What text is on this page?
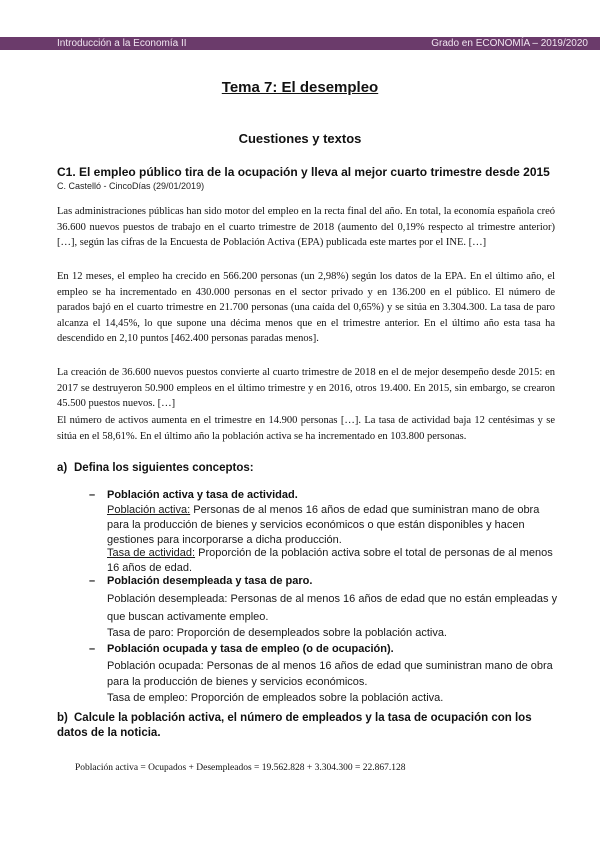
Introducción a la Economía II	Grado en ECONOMÍA – 2019/2020
Tema 7: El desempleo
Cuestiones y textos
C1. El empleo público tira de la ocupación y lleva al mejor cuarto trimestre desde 2015
C. Castelló - CincoDías (29/01/2019)

Las administraciones públicas han sido motor del empleo en la recta final del año. En total, la economía española creó 36.600 nuevos puestos de trabajo en el cuarto trimestre de 2018 (aumento del 0,19% respecto al trimestre anterior) […], según las cifras de la Encuesta de Población Activa (EPA) publicada este martes por el INE. […]

En 12 meses, el empleo ha crecido en 566.200 personas (un 2,98%) según los datos de la EPA. En el último año, el empleo se ha incrementado en 430.000 personas en el sector privado y en 136.200 en el público. El número de parados bajó en el cuarto trimestre en 21.700 personas (una caída del 0,65%) y se sitúa en 3.304.300. La tasa de paro alcanza el 14,45%, lo que supone una décima menos que en el trimestre anterior. En el último año esta tasa ha descendido en 2,10 puntos [462.400 personas paradas menos].

La creación de 36.600 nuevos puestos convierte al cuarto trimestre de 2018 en el de mejor desempeño desde 2015: en 2017 se destruyeron 50.900 empleos en el último trimestre y en 2016, otros 19.400. En 2015, sin embargo, se crearon 45.500 puestos nuevos. […]

El número de activos aumenta en el trimestre en 14.900 personas […]. La tasa de actividad baja 12 centésimas y se sitúa en el 58,61%. En el último año la población activa se ha incrementado en 103.800 personas.

a) Defina los siguientes conceptos:

– Población activa y tasa de actividad.

Población activa: Personas de al menos 16 años de edad que suministran mano de obra para la producción de bienes y servicios económicos o que están disponibles y hacen gestiones para incorporarse a dicha producción.

Tasa de actividad: Proporción de la población activa sobre el total de personas de al menos 16 años de edad.

– Población desempleada y tasa de paro.

Población desempleada: Personas de al menos 16 años de edad que no están empleadas y que buscan activamente empleo.

Tasa de paro: Proporción de desempleados sobre la población activa.

– Población ocupada y tasa de empleo (o de ocupación).

Población ocupada: Personas de al menos 16 años de edad que suministran mano de obra para la producción de bienes y servicios económicos.

Tasa de empleo: Proporción de empleados sobre la población activa.

b) Calcule la población activa, el número de empleados y la tasa de ocupación con los datos de la noticia.

Población activa = Ocupados + Desempleados = 19.562.828 + 3.304.300 = 22.867.128
